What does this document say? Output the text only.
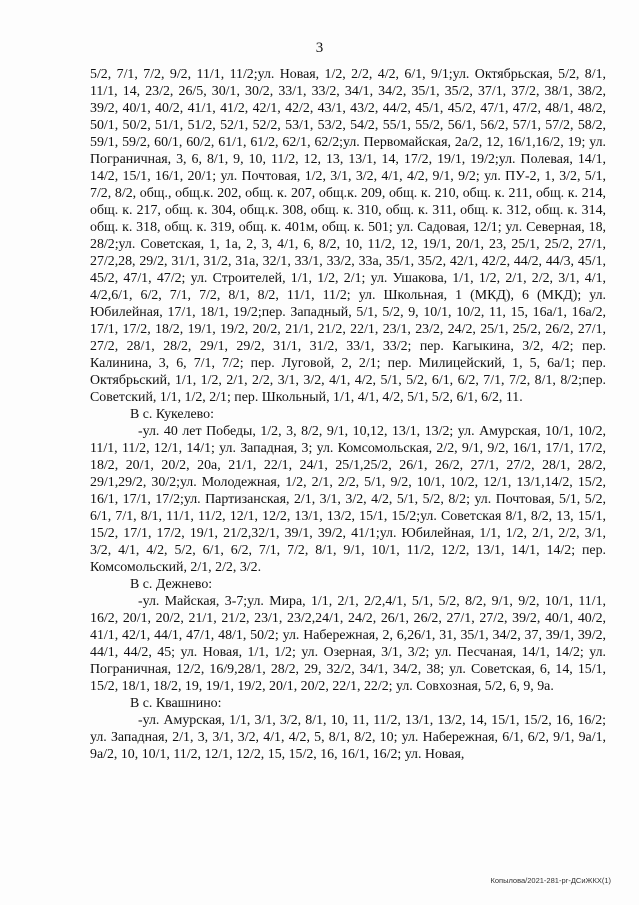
3

5/2, 7/1, 7/2, 9/2, 11/1, 11/2;ул. Новая, 1/2, 2/2, 4/2, 6/1, 9/1;ул. Октябрьская, 5/2, 8/1, 11/1, 14, 23/2, 26/5, 30/1, 30/2, 33/1, 33/2, 34/1, 34/2, 35/1, 35/2, 37/1, 37/2, 38/1, 38/2, 39/2, 40/1, 40/2, 41/1, 41/2, 42/1, 42/2, 43/1, 43/2, 44/2, 45/1, 45/2, 47/1, 47/2, 48/1, 48/2, 50/1, 50/2, 51/1, 51/2, 52/1, 52/2, 53/1, 53/2, 54/2, 55/1, 55/2, 56/1, 56/2, 57/1, 57/2, 58/2, 59/1, 59/2, 60/1, 60/2, 61/1, 61/2, 62/1, 62/2;ул. Первомайская, 2а/2, 12, 16/1,16/2, 19; ул. Пограничная, 3, 6, 8/1, 9, 10, 11/2, 12, 13, 13/1, 14, 17/2, 19/1, 19/2;ул. Полевая, 14/1, 14/2, 15/1, 16/1, 20/1; ул. Почтовая, 1/2, 3/1, 3/2, 4/1, 4/2, 9/1, 9/2; ул. ПУ-2, 1, 3/2, 5/1, 7/2, 8/2, общ., общ.к. 202, общ. к. 207, общ.к. 209, общ. к. 210, общ. к. 211, общ. к. 214, общ. к. 217, общ. к. 304, общ.к. 308, общ. к. 310, общ. к. 311, общ. к. 312, общ. к. 314, общ. к. 318, общ. к. 319, общ. к. 401м, общ. к. 501; ул. Садовая, 12/1; ул. Северная, 18, 28/2;ул. Советская, 1, 1а, 2, 3, 4/1, 6, 8/2, 10, 11/2, 12, 19/1, 20/1, 23, 25/1, 25/2, 27/1, 27/2,28, 29/2, 31/1, 31/2, 31а, 32/1, 33/1, 33/2, 33а, 35/1, 35/2, 42/1, 42/2, 44/2, 44/3, 45/1, 45/2, 47/1, 47/2; ул. Строителей, 1/1, 1/2, 2/1; ул. Ушакова, 1/1, 1/2, 2/1, 2/2, 3/1, 4/1, 4/2,6/1, 6/2, 7/1, 7/2, 8/1, 8/2, 11/1, 11/2; ул. Школьная, 1 (МКД), 6 (МКД); ул. Юбилейная, 17/1, 18/1, 19/2;пер. Западный, 5/1, 5/2, 9, 10/1, 10/2, 11, 15, 16а/1, 16а/2, 17/1, 17/2, 18/2, 19/1, 19/2, 20/2, 21/1, 21/2, 22/1, 23/1, 23/2, 24/2, 25/1, 25/2, 26/2, 27/1, 27/2, 28/1, 28/2, 29/1, 29/2, 31/1, 31/2, 33/1, 33/2; пер. Кагыкина, 3/2, 4/2; пер. Калинина, 3, 6, 7/1, 7/2; пер. Луговой, 2, 2/1; пер. Милицейский, 1, 5, 6а/1; пер. Октябрьский, 1/1, 1/2, 2/1, 2/2, 3/1, 3/2, 4/1, 4/2, 5/1, 5/2, 6/1, 6/2, 7/1, 7/2, 8/1, 8/2;пер. Советский, 1/1, 1/2, 2/1; пер. Школьный, 1/1, 4/1, 4/2, 5/1, 5/2, 6/1, 6/2, 11.

В с. Кукелево:

-ул. 40 лет Победы, 1/2, 3, 8/2, 9/1, 10,12, 13/1, 13/2; ул. Амурская, 10/1, 10/2, 11/1, 11/2, 12/1, 14/1; ул. Западная, 3; ул. Комсомольская, 2/2, 9/1, 9/2, 16/1, 17/1, 17/2, 18/2, 20/1, 20/2, 20а, 21/1, 22/1, 24/1, 25/1,25/2, 26/1, 26/2, 27/1, 27/2, 28/1, 28/2, 29/1,29/2, 30/2;ул. Молодежная, 1/2, 2/1, 2/2, 5/1, 9/2, 10/1, 10/2, 12/1, 13/1,14/2, 15/2, 16/1, 17/1, 17/2;ул. Партизанская, 2/1, 3/1, 3/2, 4/2, 5/1, 5/2, 8/2; ул. Почтовая, 5/1, 5/2, 6/1, 7/1, 8/1, 11/1, 11/2, 12/1, 12/2, 13/1, 13/2, 15/1, 15/2;ул. Советская 8/1, 8/2, 13, 15/1, 15/2, 17/1, 17/2, 19/1, 21/2,32/1, 39/1, 39/2, 41/1;ул. Юбилейная, 1/1, 1/2, 2/1, 2/2, 3/1, 3/2, 4/1, 4/2, 5/2, 6/1, 6/2, 7/1, 7/2, 8/1, 9/1, 10/1, 11/2, 12/2, 13/1, 14/1, 14/2; пер. Комсомольский, 2/1, 2/2, 3/2.

В с. Дежнево:

-ул. Майская, 3-7;ул. Мира, 1/1, 2/1, 2/2,4/1, 5/1, 5/2, 8/2, 9/1, 9/2, 10/1, 11/1, 16/2, 20/1, 20/2, 21/1, 21/2, 23/1, 23/2,24/1, 24/2, 26/1, 26/2, 27/1, 27/2, 39/2, 40/1, 40/2, 41/1, 42/1, 44/1, 47/1, 48/1, 50/2; ул. Набережная, 2, 6,26/1, 31, 35/1, 34/2, 37, 39/1, 39/2, 44/1, 44/2, 45; ул. Новая, 1/1, 1/2; ул. Озерная, 3/1, 3/2; ул. Песчаная, 14/1, 14/2; ул. Пограничная, 12/2, 16/9,28/1, 28/2, 29, 32/2, 34/1, 34/2, 38; ул. Советская, 6, 14, 15/1, 15/2, 18/1, 18/2, 19, 19/1, 19/2, 20/1, 20/2, 22/1, 22/2; ул. Совхозная, 5/2, 6, 9, 9а.

В с. Квашнино:

-ул. Амурская, 1/1, 3/1, 3/2, 8/1, 10, 11, 11/2, 13/1, 13/2, 14, 15/1, 15/2, 16, 16/2; ул. Западная, 2/1, 3, 3/1, 3/2, 4/1, 4/2, 5, 8/1, 8/2, 10; ул. Набережная, 6/1, 6/2, 9/1, 9а/1, 9а/2, 10, 10/1, 11/2, 12/1, 12/2, 15, 15/2, 16, 16/1, 16/2; ул. Новая,

Копылова/2021-281-рг-ДСиЖКХ(1)
